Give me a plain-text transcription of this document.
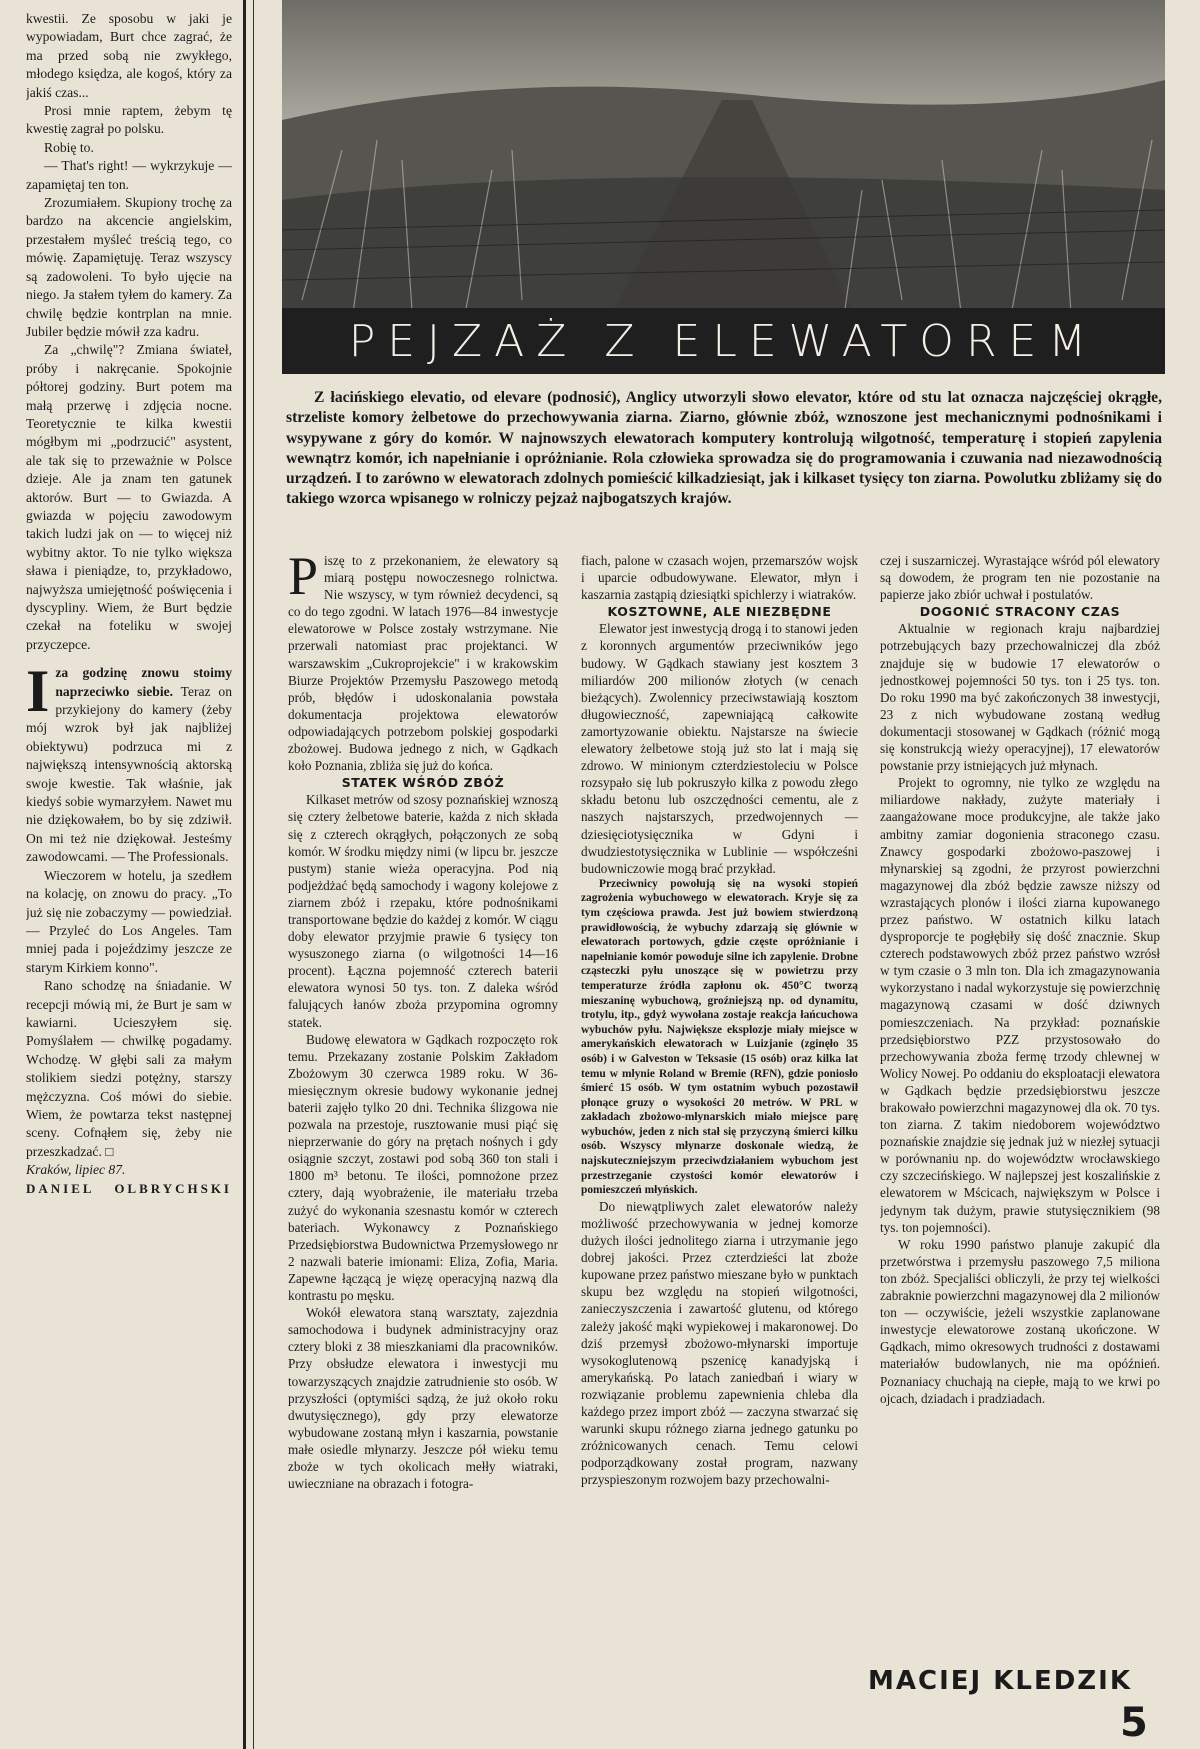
kwestii. Ze sposobu w jaki je wypowiadam, Burt chce zagrać, że ma przed sobą nie zwykłego, młodego księdza, ale kogoś, który za jakiś czas...

Prosi mnie raptem, żebym tę kwestię zagrał po polsku.

Robię to.

— That's right! — wykrzykuje — zapamiętaj ten ton.

Zrozumiałem. Skupiony trochę za bardzo na akcencie angielskim, przestałem myśleć treścią tego, co mówię. Zapamiętuję. Teraz wszyscy są zadowoleni. To było ujęcie na niego. Ja stałem tyłem do kamery. Za chwilę będzie kontrplan na mnie. Jubiler będzie mówił zza kadru.

Za „chwilę"? Zmiana świateł, próby i nakręcanie. Spokojnie półtorej godziny. Burt potem ma małą przerwę i zdjęcia nocne. Teoretycznie te kilka kwestii mógłbym mi „podrzucić" asystent, ale tak się to przeważnie w Polsce dzieje. Ale ja znam ten gatunek aktorów. Burt — to Gwiazda. A gwiazda w pojęciu zawodowym takich ludzi jak on — to więcej niż wybitny aktor. To nie tylko większa sława i pieniądze, to, przykładowo, najwyższa umiejętność poświęcenia i dyscypliny. Wiem, że Burt będzie czekał na foteliku w swojej przyczepce.

I za godzinę znowu stoimy naprzeciwko siebie. Teraz on przykiejony do kamery (żeby mój wzrok był jak najbliżej obiektywu) podrzuca mi z największą intensywnością aktorską swoje kwestie. Tak właśnie, jak kiedyś sobie wymarzyłem. Nawet mu nie dziękowałem, bo by się zdziwił. On mi też nie dziękował. Jesteśmy zawodowcami. — The Professionals.

Wieczorem w hotelu, ja szedłem na kolację, on znowu do pracy. „To już się nie zobaczymy — powiedział. — Przyleć do Los Angeles. Tam mniej pada i pojeździmy jeszcze ze starym Kirkiem konno".

Rano schodzę na śniadanie. W recepcji mówią mi, że Burt je sam w kawiarni. Ucieszyłem się. Pomyślałem — chwilkę pogadamy. Wchodzę. W głębi sali za małym stolikiem siedzi potężny, starszy mężczyzna. Coś mówi do siebie. Wiem, że powtarza tekst następnej sceny. Cofnąłem się, żeby nie przeszkadzać. □

Kraków, lipiec 87.

DANIEL OLBRYCHSKI

PEJZAŻ Z ELEWATOREM
Z łacińskiego elevatio, od elevare (podnosić), Anglicy utworzyli słowo elevator, które od stu lat oznacza najczęściej okrągłe, strzeliste komory żelbetowe do przechowywania ziarna. Ziarno, głównie zbóż, wznoszone jest mechanicznymi podnośnikami i wsypywane z góry do komór. W najnowszych elewatorach komputery kontrolują wilgotność, temperaturę i stopień zapylenia wewnątrz komór, ich napełnianie i opróżnianie. Rola człowieka sprowadza się do programowania i czuwania nad niezawodnością urządzeń. I to zarówno w elewatorach zdolnych pomieścić kilkadziesiąt, jak i kilkaset tysięcy ton ziarna. Powolutku zbliżamy się do takiego wzorca wpisanego w rolniczy pejzaż najbogatszych krajów.

P iszę to z przekonaniem, że elewatory są miarą postępu nowoczesnego rolnictwa. Nie wszyscy, w tym również decydenci, są co do tego zgodni. W latach 1976—84 inwestycje elewatorowe w Polsce zostały wstrzymane. Nie przerwali natomiast prac projektanci. W warszawskim „Cukroprojekcie" i w krakowskim Biurze Projektów Przemysłu Paszowego metodą prób, błędów i udoskonalania powstała dokumentacja projektowa elewatorów odpowiadających potrzebom polskiej gospodarki zbożowej. Budowa jednego z nich, w Gądkach koło Poznania, zbliża się już do końca.

STATEK WŚRÓD ZBÓŻ

Kilkaset metrów od szosy poznańskiej wznoszą się cztery żelbetowe baterie, każda z nich składa się z czterech okrągłych, połączonych ze sobą komór. W środku między nimi (w lipcu br. jeszcze pustym) stanie wieża operacyjna. Pod nią podjeżdżać będą samochody i wagony kolejowe z ziarnem zbóż i rzepaku, które podnośnikami transportowane będzie do każdej z komór. W ciągu doby elewator przyjmie prawie 6 tysięcy ton wysuszonego ziarna (o wilgotności 14—16 procent). Łączna pojemność czterech baterii elewatora wynosi 50 tys. ton. Z daleka wśród falujących łanów zboża przypomina ogromny statek.

Budowę elewatora w Gądkach rozpoczęto rok temu. Przekazany zostanie Polskim Zakładom Zbożowym 30 czerwca 1989 roku. W 36-miesięcznym okresie budowy wykonanie jednej baterii zajęło tylko 20 dni. Technika ślizgowa nie pozwala na przestoje, rusztowanie musi piąć się nieprzerwanie do góry na prętach nośnych i gdy osiągnie szczyt, zostawi pod sobą 360 ton stali i 1800 m³ betonu. Te ilości, pomnożone przez cztery, dają wyobrażenie, ile materiału trzeba zużyć do wykonania szesnastu komór w czterech bateriach. Wykonawcy z Poznańskiego Przedsiębiorstwa Budownictwa Przemysłowego nr 2 nazwali baterie imionami: Eliza, Zofia, Maria. Zapewne łączącą je więzę operacyjną nazwą dla kontrastu po męsku.

Wokół elewatora staną warsztaty, zajezdnia samochodowa i budynek administracyjny oraz cztery bloki z 38 mieszkaniami dla pracowników. Przy obsłudze elewatora i inwestycji mu towarzyszących znajdzie zatrudnienie sto osób. W przyszłości (optymiści sądzą, że już około roku dwutysięcznego), gdy przy elewatorze wybudowane zostaną młyn i kaszarnia, powstanie małe osiedle młynarzy. Jeszcze pół wieku temu zboże w tych okolicach mełły wiatraki, uwieczniane na obrazach i fotogra-

fiach, palone w czasach wojen, przemarszów wojsk i uparcie odbudowywane. Elewator, młyn i kaszarnia zastąpią dziesiątki spichlerzy i wiatraków.

KOSZTOWNE, ALE NIEZBĘDNE

Elewator jest inwestycją drogą i to stanowi jeden z koronnych argumentów przeciwników jego budowy. W Gądkach stawiany jest kosztem 3 miliardów 200 milionów złotych (w cenach bieżących). Zwolennicy przeciwstawiają kosztom długowieczność, zapewniającą całkowite zamortyzowanie obiektu. Najstarsze na świecie elewatory żelbetowe stoją już sto lat i mają się zdrowo. W minionym czterdziestoleciu w Polsce rozsypało się lub pokruszyło kilka z powodu złego składu betonu lub oszczędności cementu, ale z naszych najstarszych, przedwojennych — dziesięciotysięcznika w Gdyni i dwudziestotysięcznika w Lublinie — współcześni budowniczowie mogą brać przykład.

Przeciwnicy powołują się na wysoki stopień zagrożenia wybuchowego w elewatorach. Kryje się za tym częściowa prawda. Jest już bowiem stwierdzoną prawidłowością, że wybuchy zdarzają się głównie w elewatorach portowych, gdzie częste opróżnianie i napełnianie komór powoduje silne ich zapylenie. Drobne cząsteczki pyłu unoszące się w powietrzu przy temperaturze źródła zapłonu ok. 450°C tworzą mieszaninę wybuchową, groźniejszą np. od dynamitu, trotylu, itp., gdyż wywołana zostaje reakcja łańcuchowa wybuchów pyłu. Największe eksplozje miały miejsce w amerykańskich elewatorach w Luizjanie (zginęło 35 osób) i w Galveston w Teksasie (15 osób) oraz kilka lat temu w młynie Roland w Bremie (RFN), gdzie poniosło śmierć 15 osób. W tym ostatnim wybuch pozostawił płonące gruzy o wysokości 20 metrów. W PRL w zakładach zbożowo-młynarskich miało miejsce parę wybuchów, jeden z nich stał się przyczyną śmierci kilku osób. Wszyscy młynarze doskonale wiedzą, że najskuteczniejszym przeciwdziałaniem wybuchom jest przestrzeganie czystości komór elewatorów i pomieszczeń młyńskich.

Do niewątpliwych zalet elewatorów należy możliwość przechowywania w jednej komorze dużych ilości jednolitego ziarna i utrzymanie jego dobrej jakości. Przez czterdzieści lat zboże kupowane przez państwo mieszane było w punktach skupu bez względu na stopień wilgotności, zanieczyszczenia i zawartość glutenu, od którego zależy jakość mąki wypiekowej i makaronowej. Do dziś przemysł zbożowo-młynarski importuje wysokoglutenową pszenicę kanadyjską i amerykańską. Po latach zaniedbań i wiary w rozwiązanie problemu zapewnienia chleba dla każdego przez import zbóż — zaczyna stwarzać się warunki skupu różnego ziarna jednego gatunku po zróżnicowanych cenach. Temu celowi podporządkowany został program, nazwany przyspieszonym rozwojem bazy przechowalni-

czej i suszarniczej. Wyrastające wśród pól elewatory są dowodem, że program ten nie pozostanie na papierze jako zbiór uchwał i postulatów.

DOGONIĆ STRACONY CZAS

Aktualnie w regionach kraju najbardziej potrzebujących bazy przechowalniczej dla zbóż znajduje się w budowie 17 elewatorów o jednostkowej pojemności 50 tys. ton i 25 tys. ton. Do roku 1990 ma być zakończonych 38 inwestycji, 23 z nich wybudowane zostaną według dokumentacji stosowanej w Gądkach (różnić mogą się konstrukcją wieży operacyjnej), 17 elewatorów powstanie przy istniejących już młynach.

Projekt to ogromny, nie tylko ze względu na miliardowe nakłady, zużyte materiały i zaangażowane moce produkcyjne, ale także jako ambitny zamiar dogonienia straconego czasu. Znawcy gospodarki zbożowo-paszowej i młynarskiej są zgodni, że przyrost powierzchni magazynowej dla zbóż będzie zawsze niższy od wzrastających plonów i ilości ziarna kupowanego przez państwo. W ostatnich kilku latach dysproporcje te pogłębiły się dość znacznie. Skup czterech podstawowych zbóż przez państwo wzrósł w tym czasie o 3 mln ton. Dla ich zmagazynowania wykorzystano i nadal wykorzystuje się powierzchnię magazynową czasami w dość dziwnych pomieszczeniach. Na przykład: poznańskie przedsiębiorstwo PZZ przystosowało do przechowywania zboża fermę trzody chlewnej w Wolicy Nowej. Po oddaniu do eksploatacji elewatora w Gądkach będzie przedsiębiorstwu jeszcze brakowało powierzchni magazynowej dla ok. 70 tys. ton ziarna. Z takim niedoborem województwo poznańskie znajdzie się jednak już w niezłej sytuacji w porównaniu np. do województw wrocławskiego czy szczecińskiego. W najlepszej jest koszalińskie z elewatorem w Mścicach, największym w Polsce i jedynym tak dużym, prawie stutysięcznikiem (98 tys. ton pojemności).

W roku 1990 państwo planuje zakupić dla przetwórstwa i przemysłu paszowego 7,5 miliona ton zbóż. Specjaliści obliczyli, że przy tej wielkości zabraknie powierzchni magazynowej dla 2 milionów ton — oczywiście, jeżeli wszystkie zaplanowane inwestycje elewatorowe zostaną ukończone. W Gądkach, mimo okresowych trudności z dostawami materiałów budowlanych, nie ma opóźnień. Poznaniacy chuchają na ciepłe, mają to we krwi po ojcach, dziadach i pradziadach.

MACIEJ KLEDZIK
5
